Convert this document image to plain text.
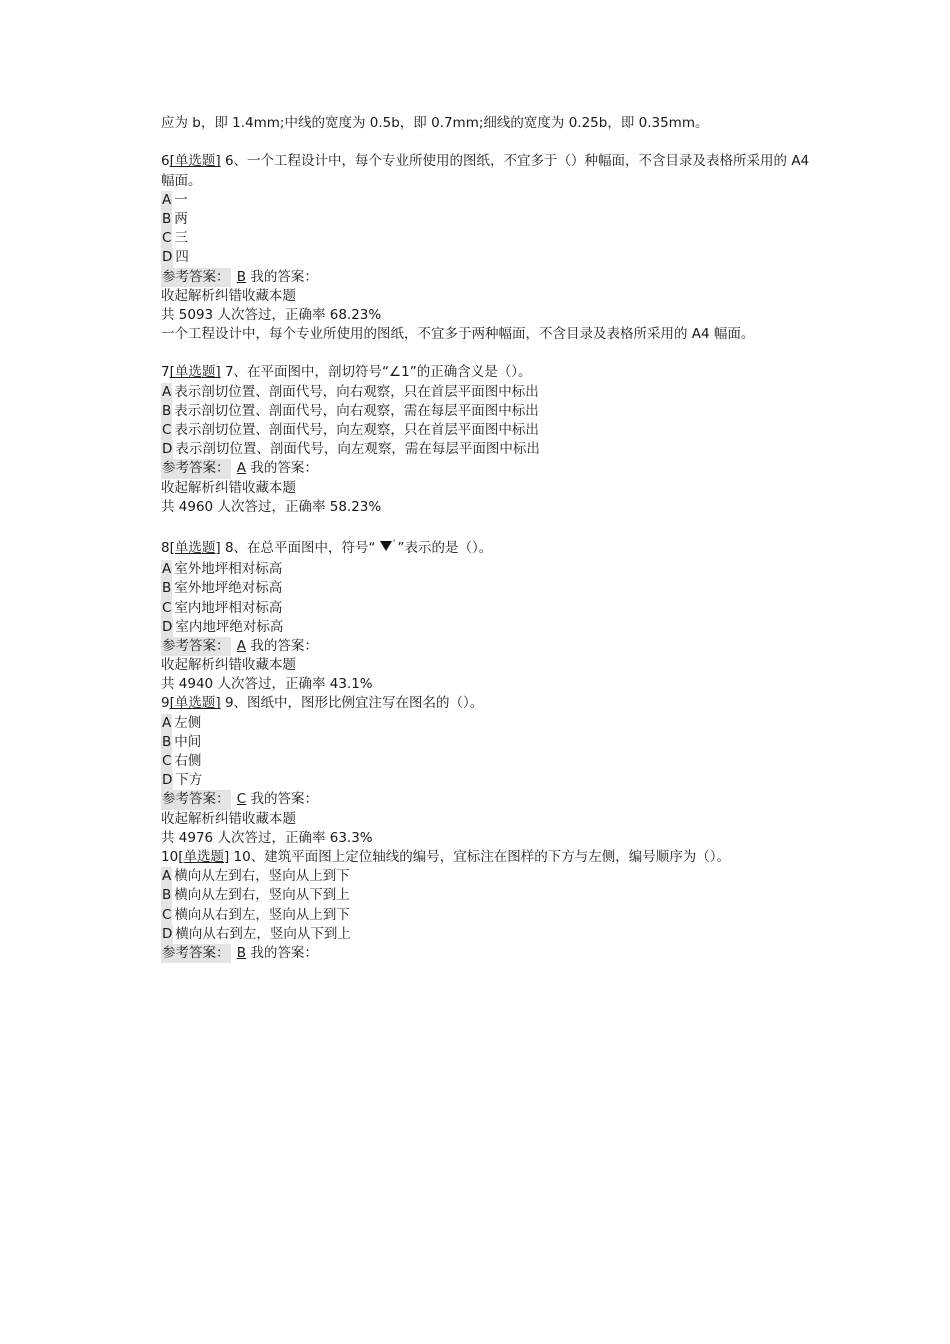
应为 b，即 1.4mm;中线的宽度为 0.5b，即 0.7mm;细线的宽度为 0.25b，即 0.35mm。
6[单选题] 6、一个工程设计中，每个专业所使用的图纸，不宜多于（）种幅面，不含目录及表格所采用的 A4 幅面。
A 一
B 两
C 三
D 四
参考答案： B 我的答案：
收起解析纠错收藏本题
共 5093 人次答过，正确率 68.23%
一个工程设计中，每个专业所使用的图纸，不宜多于两种幅面，不含目录及表格所采用的 A4 幅面。
7[单选题] 7、在平面图中，剖切符号“∠1”的正确含义是（）。
A 表示剖切位置、剖面代号，向右观察，只在首层平面图中标出
B 表示剖切位置、剖面代号，向右观察，需在每层平面图中标出
C 表示剖切位置、剖面代号，向左观察，只在首层平面图中标出
D 表示剖切位置、剖面代号，向左观察，需在每层平面图中标出
参考答案： A 我的答案：
收起解析纠错收藏本题
共 4960 人次答过，正确率 58.23%
8[单选题] 8、在总平面图中，符号“ ”表示的是（）。
A 室外地坪相对标高
B 室外地坪绝对标高
C 室内地坪相对标高
D 室内地坪绝对标高
参考答案： A 我的答案：
收起解析纠错收藏本题
共 4940 人次答过，正确率 43.1%
9[单选题] 9、图纸中，图形比例宜注写在图名的（）。
A 左侧
B 中间
C 右侧
D 下方
参考答案： C 我的答案：
收起解析纠错收藏本题
共 4976 人次答过，正确率 63.3%
10[单选题] 10、建筑平面图上定位轴线的编号，宜标注在图样的下方与左侧，编号顺序为（）。
A 横向从左到右，竖向从上到下
B 横向从左到右，竖向从下到上
C 横向从右到左，竖向从上到下
D 横向从右到左，竖向从下到上
参考答案： B 我的答案：
